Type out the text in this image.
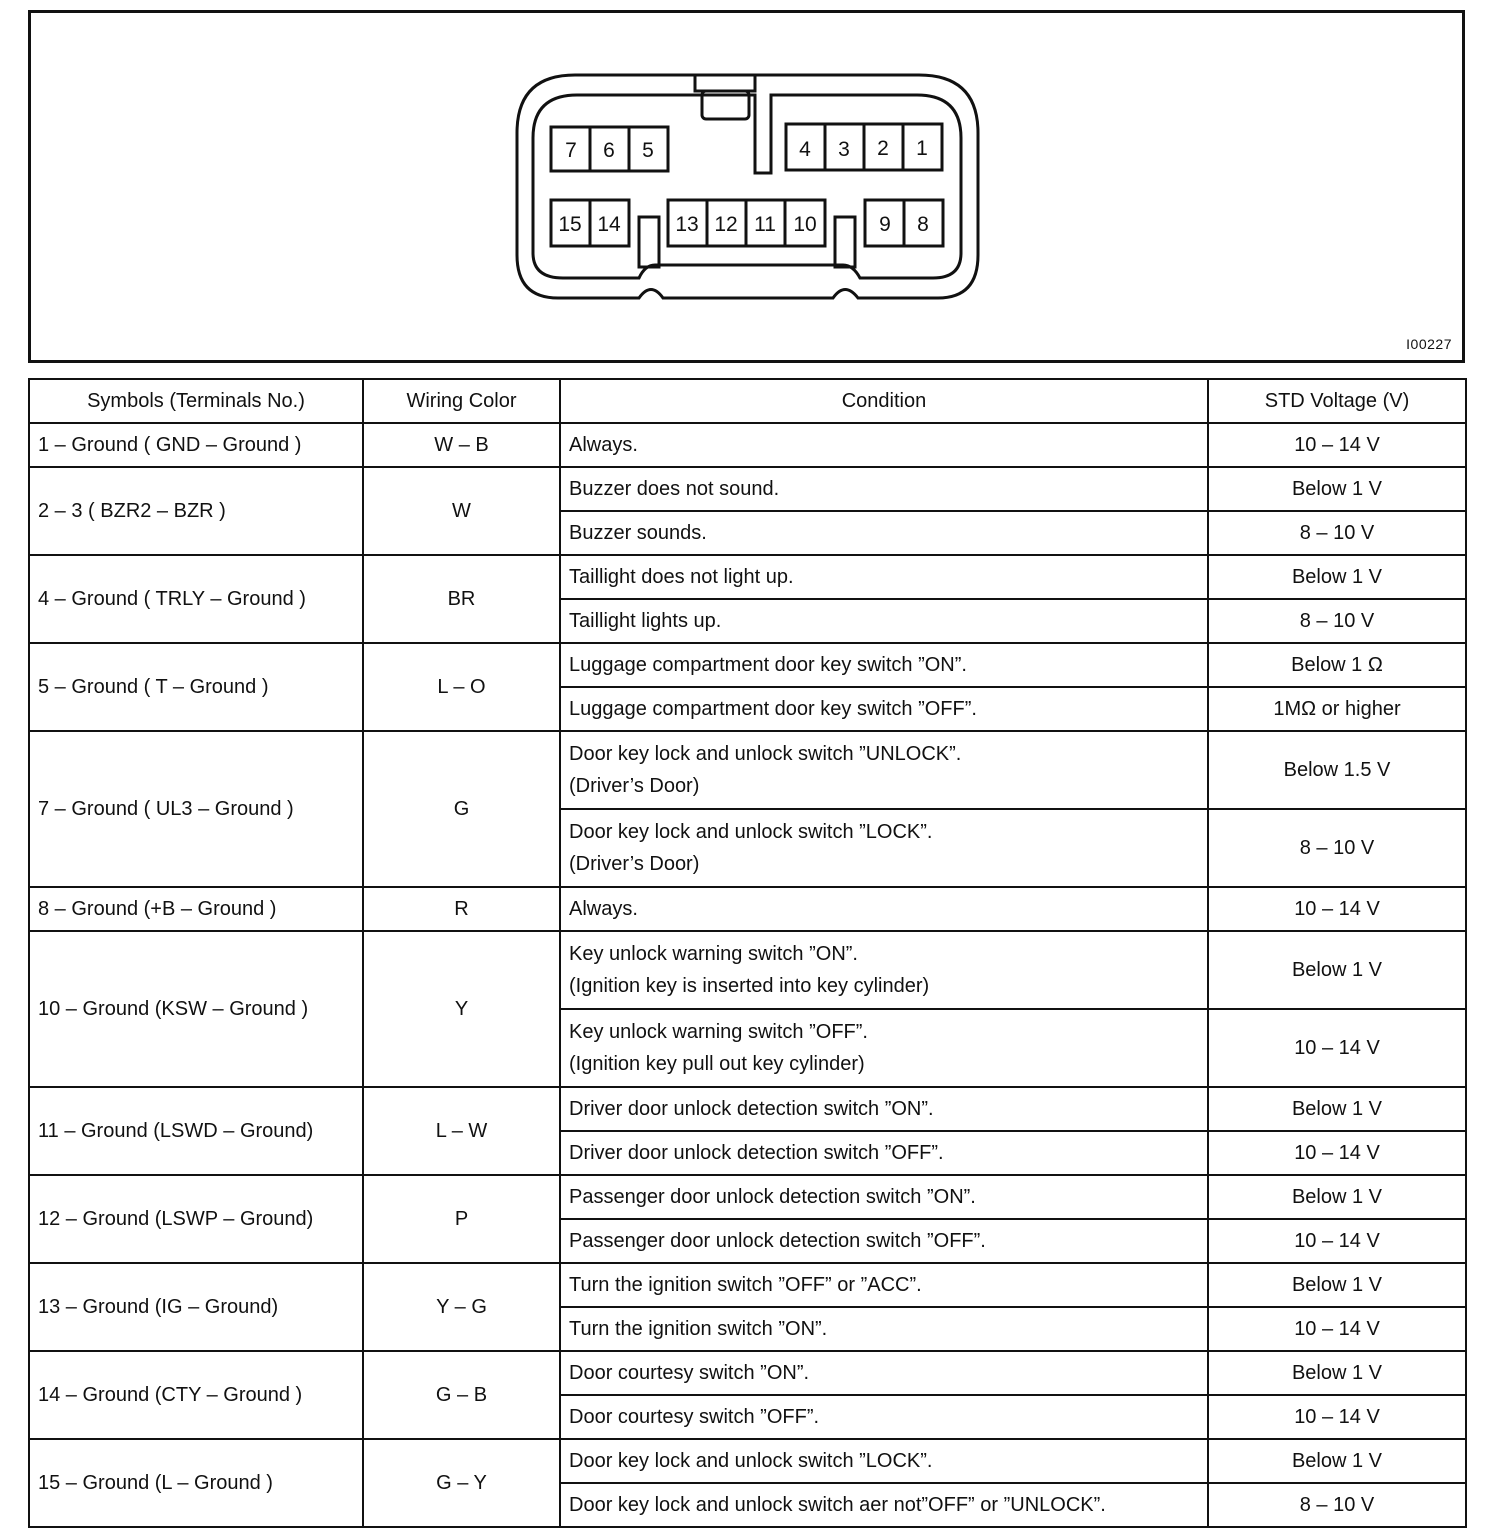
7 6 5	4 3 2 1
15 14	13 12 11 10	9 8
I00227
Symbols (Terminals No.)	Wiring Color	Condition	STD Voltage (V)
1 – Ground ( GND – Ground )	W – B	Always.	10 – 14 V
2 – 3 ( BZR2 – BZR )	W	Buzzer does not sound.	Below 1 V

		Buzzer sounds.	8 – 10 V
4 – Ground ( TRLY – Ground )	BR	Taillight does not light up.	Below 1 V

		Taillight lights up.	8 – 10 V
5 – Ground ( T – Ground )	L – O	Luggage compartment door key switch ”ON”.	Below 1 Ω

		Luggage compartment door key switch ”OFF”.	1MΩ or higher
7 – Ground ( UL3 – Ground )	G	Door key lock and unlock switch ”UNLOCK”.
(Driver’s Door)	Below 1.5 V

		Door key lock and unlock switch ”LOCK”.
(Driver’s Door)	8 – 10 V
8 – Ground (+B – Ground )	R	Always.	10 – 14 V
10 – Ground (KSW – Ground )	Y	Key unlock warning switch ”ON”.
(Ignition key is inserted into key cylinder)	Below 1 V

		Key unlock warning switch ”OFF”.
(Ignition key pull out key cylinder)	10 – 14 V
11 – Ground (LSWD – Ground)	L – W	Driver door unlock detection switch ”ON”.	Below 1 V

		Driver door unlock detection switch ”OFF”.	10 – 14 V
12 – Ground (LSWP – Ground)	P	Passenger door unlock detection switch ”ON”.	Below 1 V

		Passenger door unlock detection switch ”OFF”.	10 – 14 V
13 – Ground (IG – Ground)	Y – G	Turn the ignition switch ”OFF” or ”ACC”.	Below 1 V

		Turn the ignition switch ”ON”.	10 – 14 V
14 – Ground (CTY – Ground )	G – B	Door courtesy switch ”ON”.	Below 1 V

		Door courtesy switch ”OFF”.	10 – 14 V
15 – Ground (L – Ground )	G – Y	Door key lock and unlock switch ”LOCK”.	Below 1 V

		Door key lock and unlock switch aer not”OFF” or ”UNLOCK”.	8 – 10 V
